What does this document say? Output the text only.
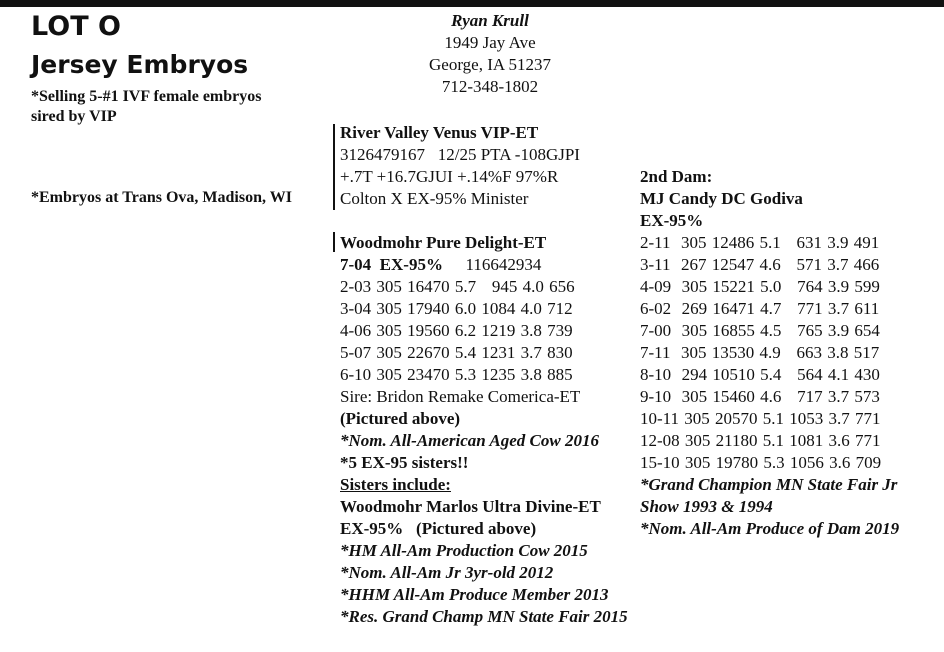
LOT O
Jersey Embryos
*Selling 5-#1 IVF female embryos
sired by VIP
*Embryos at Trans Ova, Madison, WI
Ryan Krull
1949 Jay Ave
George, IA 51237
712-348-1802
River Valley Venus VIP-ET
3126479167   12/25 PTA -108GJPI
+.7T +16.7GJUI +.14%F 97%R
Colton X EX-95% Minister
Woodmohr Pure Delight-ET
7-04  EX-95% 116642934
2-03 305 16470 5.7   945 4.0 656
3-04 305 17940 6.0 1084 4.0 712
4-06 305 19560 6.2 1219 3.8 739
5-07 305 22670 5.4 1231 3.7 830
6-10 305 23470 5.3 1235 3.8 885
Sire: Bridon Remake Comerica-ET
(Pictured above)
*Nom. All-American Aged Cow 2016
*5 EX-95 sisters!!
Sisters include:
Woodmohr Marlos Ultra Divine-ET
EX-95%   (Pictured above)
*HM All-Am Production Cow 2015
*Nom. All-Am Jr 3yr-old 2012
*HHM All-Am Produce Member 2013
*Res. Grand Champ MN State Fair 2015
2nd Dam:
MJ Candy DC Godiva
EX-95%
2-11  305 12486 5.1   631 3.9 491
3-11  267 12547 4.6   571 3.7 466
4-09  305 15221 5.0   764 3.9 599
6-02  269 16471 4.7   771 3.7 611
7-00  305 16855 4.5   765 3.9 654
7-11  305 13530 4.9   663 3.8 517
8-10  294 10510 5.4   564 4.1 430
9-10  305 15460 4.6   717 3.7 573
10-11 305 20570 5.1 1053 3.7 771
12-08 305 21180 5.1 1081 3.6 771
15-10 305 19780 5.3 1056 3.6 709
*Grand Champion MN State Fair Jr
Show 1993 & 1994
*Nom. All-Am Produce of Dam 2019
